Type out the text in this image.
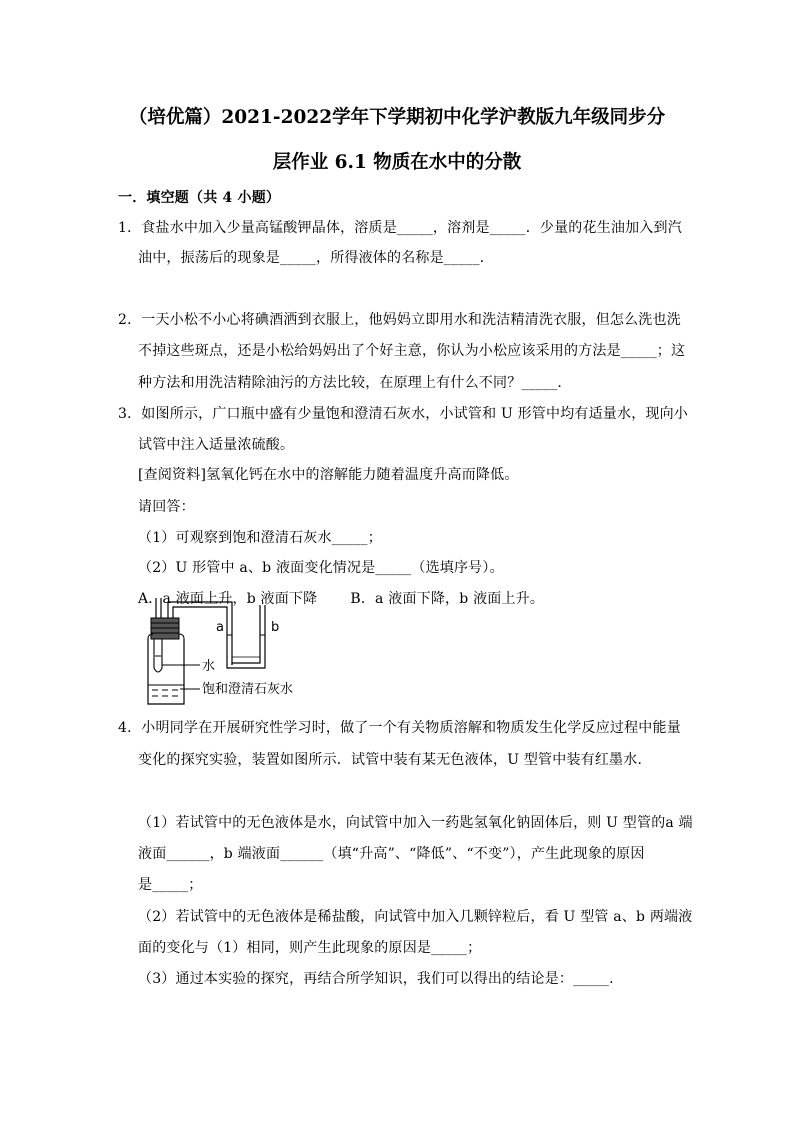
（培优篇）2021-2022学年下学期初中化学沪教版九年级同步分
层作业 6.1 物质在水中的分散
一．填空题（共 4 小题）
1．食盐水中加入少量高锰酸钾晶体，溶质是_____，溶剂是_____．少量的花生油加入到汽
油中，振荡后的现象是_____，所得液体的名称是_____．
2．一天小松不小心将碘酒洒到衣服上，他妈妈立即用水和洗洁精清洗衣服，但怎么洗也洗
不掉这些斑点，还是小松给妈妈出了个好主意，你认为小松应该采用的方法是_____；这
种方法和用洗洁精除油污的方法比较，在原理上有什么不同？_____.
3．如图所示，广口瓶中盛有少量饱和澄清石灰水，小试管和 U 形管中均有适量水，现向小
试管中注入适量浓硫酸。
[查阅资料]氢氧化钙在水中的溶解能力随着温度升高而降低。
请回答：
（1）可观察到饱和澄清石灰水_____；
（2）U 形管中 a、b 液面变化情况是_____（选填序号）。
A．a 液面上升，b 液面下降　　 B．a 液面下降，b 液面上升。
a	b
水
饱和澄清石灰水
4．小明同学在开展研究性学习时，做了一个有关物质溶解和物质发生化学反应过程中能量
变化的探究实验，装置如图所示．试管中装有某无色液体，U 型管中装有红墨水．
（1）若试管中的无色液体是水，向试管中加入一药匙氢氧化钠固体后，则 U 型管的a 端
液面______，b 端液面______（填“升高”、“降低”、“不变”），产生此现象的原因
是_____；
（2）若试管中的无色液体是稀盐酸，向试管中加入几颗锌粒后，看 U 型管 a、b 两端液
面的变化与（1）相同，则产生此现象的原因是_____；
（3）通过本实验的探究，再结合所学知识，我们可以得出的结论是：_____.
